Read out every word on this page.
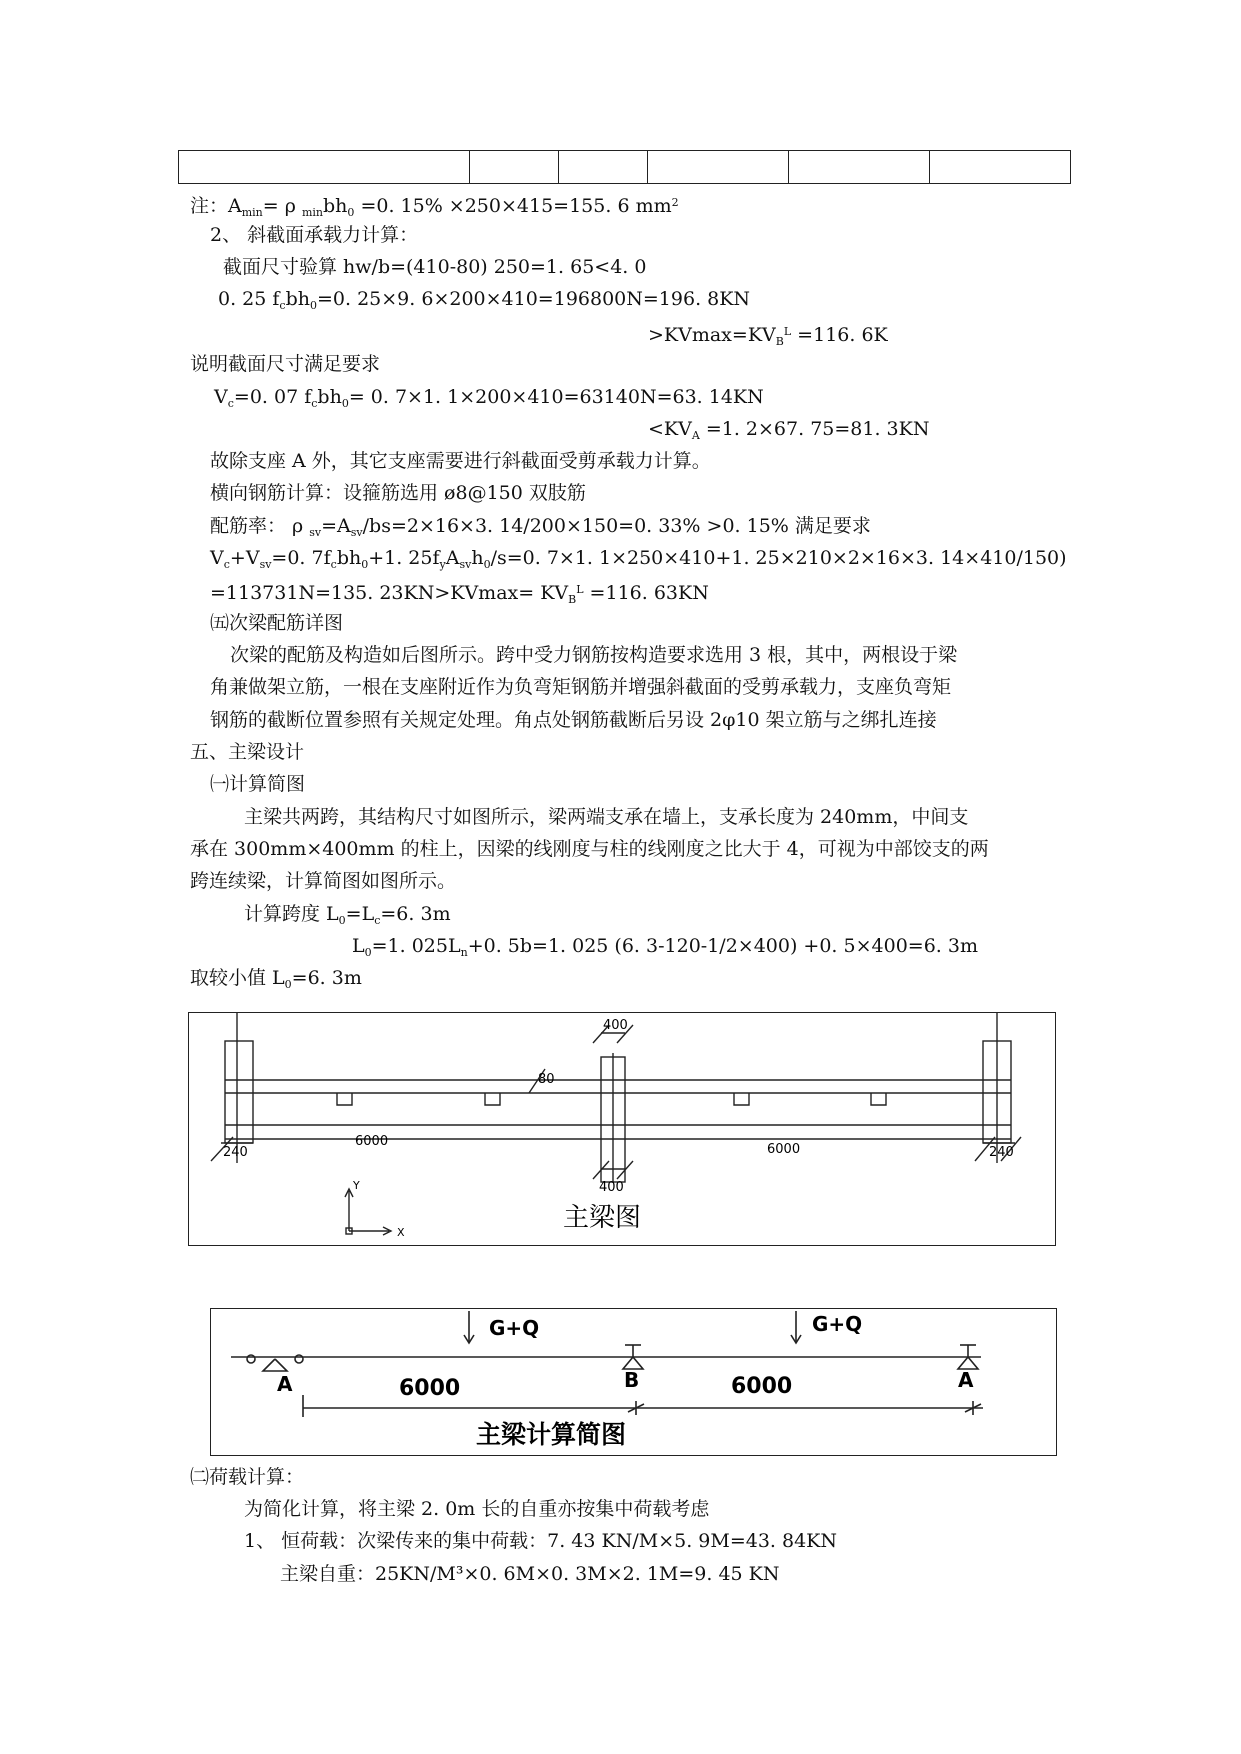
注：$A_{min}= \rho$ $_{min}bh_0 =0$. 15% ×250×415=155. 6 $mm^2$
2、 斜截面承载力计算：
截面尺寸验算 hw/b=(410-80) 250=1. 65<4. 0
0. 25 $f_cbh_0=0$. 25×9. 6×200×410=196800N=196. 8KN
$>KVmax=KV_B^L =116$. 6K
说明截面尺寸满足要求
$V_c=0$. 07 $f_cbh_0= 0$. 7×1. 1×200×410=63140N=63. 14KN
$<KV_A =1$. 2×67. 75=81. 3KN
故除支座 A 外，其它支座需要进行斜截面受剪承载力计算。
横向钢筋计算：设箍筋选用 ø8@150 双肢筋
配筋率： ρ $_{sv}=A_{sv}/bs=2\times 16\times 3$. 14/200×150=0. 33% >0. 15% 满足要求
$V_c+V_{sv}=0$. $7f_cbh_0+1$. $25f_yA_{sv}h_0/s=0$. 7×1. 1×250×410+1. 25×210×2×16×3. 14×410/150)
=113731N=135. $23KN>KVmax= KV_B^L =116$. 63KN
㈤次梁配筋详图
次梁的配筋及构造如后图所示。跨中受力钢筋按构造要求选用 3 根，其中，两根设于梁
角兼做架立筋，一根在支座附近作为负弯矩钢筋并增强斜截面的受剪承载力，支座负弯矩
钢筋的截断位置参照有关规定处理。角点处钢筋截断后另设 2φ10 架立筋与之绑扎连接
五、主梁设计
㈠计算简图
主梁共两跨，其结构尺寸如图所示，梁两端支承在墙上，支承长度为 240mm，中间支
承在 300mm×400mm 的柱上，因梁的线刚度与柱的线刚度之比大于 4，可视为中部饺支的两
跨连续梁，计算简图如图所示。
计算跨度 $L_0=L_c=6$. 3m
$L_0=1$. $025L_n+0$. 5b=1. 025 (6. 3-120-1/2×400) +0. 5×400=6. 3m
取较小值 $L_0=6$. 3m
400
80
240
6000
6000	240
400
Y
X	主梁图
G+Q	G+Q
A	B	A
6000	6000
主梁计算简图
㈡荷载计算：
为简化计算，将主梁 2. 0m 长的自重亦按集中荷载考虑
1、 恒荷载：次梁传来的集中荷载：7. 43 KN/M×5. 9M=43. 84KN
主梁自重：25KN/M³×0. 6M×0. 3M×2. 1M=9. 45 KN
